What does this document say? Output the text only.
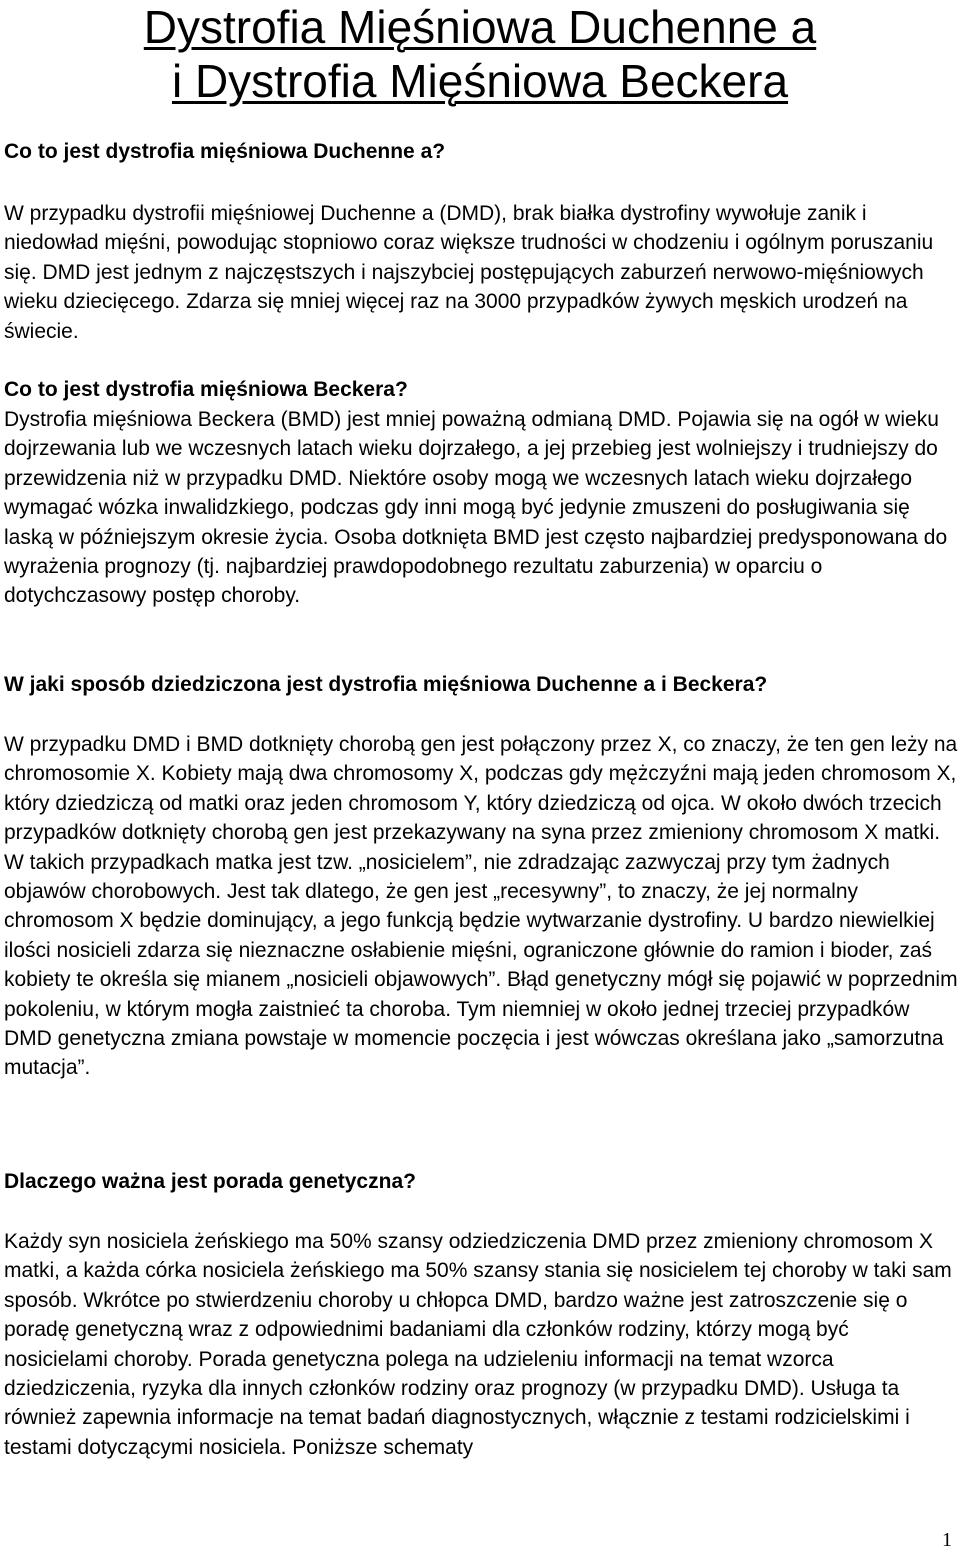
Dystrofia Mięśniowa Duchenne a
i Dystrofia Mięśniowa Beckera

Co to jest dystrofia mięśniowa Duchenne a?

W przypadku dystrofii mięśniowej Duchenne a (DMD), brak białka dystrofiny wywołuje zanik i niedowład mięśni, powodując stopniowo coraz większe trudności w chodzeniu i ogólnym poruszaniu się. DMD jest jednym z najczęstszych i najszybciej postępujących zaburzeń nerwowo-mięśniowych wieku dziecięcego. Zdarza się mniej więcej raz na 3000 przypadków żywych męskich urodzeń na świecie.

Co to jest dystrofia mięśniowa Beckera?

Dystrofia mięśniowa Beckera (BMD) jest mniej poważną odmianą DMD. Pojawia się na ogół w wieku dojrzewania lub we wczesnych latach wieku dojrzałego, a jej przebieg jest wolniejszy i trudniejszy do przewidzenia niż w przypadku DMD. Niektóre osoby mogą we wczesnych latach wieku dojrzałego wymagać wózka inwalidzkiego, podczas gdy inni mogą być jedynie zmuszeni do posługiwania się laską w późniejszym okresie życia. Osoba dotknięta BMD jest często najbardziej predysponowana do wyrażenia prognozy (tj. najbardziej prawdopodobnego rezultatu zaburzenia) w oparciu o dotychczasowy postęp choroby.

W jaki sposób dziedziczona jest dystrofia mięśniowa Duchenne a i Beckera?

W przypadku DMD i BMD dotknięty chorobą gen jest połączony przez X, co znaczy, że ten gen leży na chromosomie X. Kobiety mają dwa chromosomy X, podczas gdy mężczyźni mają jeden chromosom X, który dziedziczą od matki oraz jeden chromosom Y, który dziedziczą od ojca. W około dwóch trzecich przypadków dotknięty chorobą gen jest przekazywany na syna przez zmieniony chromosom X matki. W takich przypadkach matka jest tzw. „nosicielem”, nie zdradzając zazwyczaj przy tym żadnych objawów chorobowych. Jest tak dlatego, że gen jest „recesywny”, to znaczy, że jej normalny chromosom X będzie dominujący, a jego funkcją będzie wytwarzanie dystrofiny. U bardzo niewielkiej ilości nosicieli zdarza się nieznaczne osłabienie mięśni, ograniczone głównie do ramion i bioder, zaś kobiety te określa się mianem „nosicieli objawowych”. Błąd genetyczny mógł się pojawić w poprzednim pokoleniu, w którym mogła zaistnieć ta choroba. Tym niemniej w około jednej trzeciej przypadków DMD genetyczna zmiana powstaje w momencie poczęcia i jest wówczas określana jako „samorzutna mutacja”.

Dlaczego ważna jest porada genetyczna?

Każdy syn nosiciela żeńskiego ma 50% szansy odziedziczenia DMD przez zmieniony chromosom X matki, a każda córka nosiciela żeńskiego ma 50% szansy stania się nosicielem tej choroby w taki sam sposób. Wkrótce po stwierdzeniu choroby u chłopca DMD, bardzo ważne jest zatroszczenie się o poradę genetyczną wraz z odpowiednimi badaniami dla członków rodziny, którzy mogą być nosicielami choroby. Porada genetyczna polega na udzieleniu informacji na temat wzorca dziedziczenia, ryzyka dla innych członków rodziny oraz prognozy (w przypadku DMD). Usługa ta również zapewnia informacje na temat badań diagnostycznych, włącznie z testami rodzicielskimi i testami dotyczącymi nosiciela. Poniższe schematy

1
